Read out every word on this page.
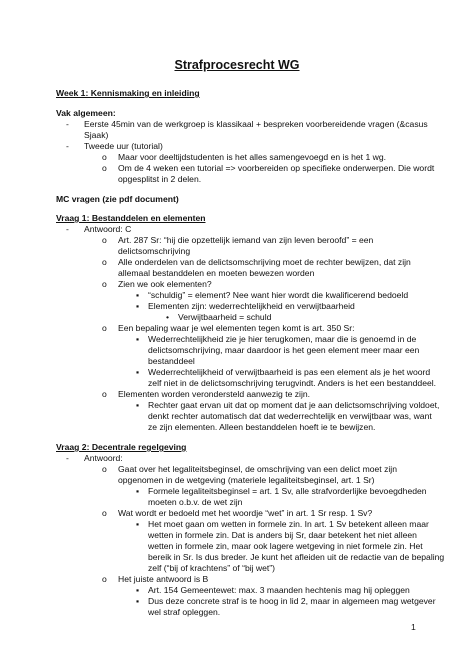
Strafprocesrecht WG
Week 1: Kennismaking en inleiding
Vak algemeen:
- Eerste 45min van de werkgroep is klassikaal + bespreken voorbereidende vragen (&casus
Sjaak)
- Tweede uur (tutorial)
o Maar voor deeltijdstudenten is het alles samengevoegd en is het 1 wg.
o Om de 4 weken een tutorial => voorbereiden op specifieke onderwerpen. Die wordt
opgesplitst in 2 delen.
MC vragen (zie pdf document)
Vraag 1: Bestanddelen en elementen
- Antwoord: C
o Art. 287 Sr: “hij die opzettelijk iemand van zijn leven beroofd” = een
delictsomschrijving
o Alle onderdelen van de delictsomschrijving moet de rechter bewijzen, dat zijn
allemaal bestanddelen en moeten bewezen worden
o Zien we ook elementen?
▪ “schuldig” = element? Nee want hier wordt die kwalificerend bedoeld
▪ Elementen zijn: wederrechtelijkheid en verwijtbaarheid
• Verwijtbaarheid = schuld
o Een bepaling waar je wel elementen tegen komt is art. 350 Sr:
▪ Wederrechtelijkheid zie je hier terugkomen, maar die is genoemd in de
delictsomschrijving, maar daardoor is het geen element meer maar een
bestanddeel
▪ Wederrechtelijkheid of verwijtbaarheid is pas een element als je het woord
zelf niet in de delictsomschrijving terugvindt. Anders is het een bestanddeel.
o Elementen worden verondersteld aanwezig te zijn.
▪ Rechter gaat ervan uit dat op moment dat je aan delictsomschrijving voldoet,
denkt rechter automatisch dat dat wederrechtelijk en verwijtbaar was, want
ze zijn elementen. Alleen bestanddelen hoeft ie te bewijzen.
Vraag 2: Decentrale regelgeving
- Antwoord:
o Gaat over het legaliteitsbeginsel, de omschrijving van een delict moet zijn
opgenomen in de wetgeving (materiele legaliteitsbeginsel, art. 1 Sr)
▪ Formele legaliteitsbeginsel = art. 1 Sv, alle strafvorderlijke bevoegdheden
moeten o.b.v. de wet zijn
o Wat wordt er bedoeld met het woordje “wet” in art. 1 Sr resp. 1 Sv?
▪ Het moet gaan om wetten in formele zin. In art. 1 Sv betekent alleen maar
wetten in formele zin. Dat is anders bij Sr, daar betekent het niet alleen
wetten in formele zin, maar ook lagere wetgeving in niet formele zin. Het
bereik in Sr. Is dus breder. Je kunt het afleiden uit de redactie van de bepaling
zelf (“bij of krachtens” of “bij wet”)
o Het juiste antwoord is B
▪ Art. 154 Gemeentewet: max. 3 maanden hechtenis mag hij opleggen
▪ Dus deze concrete straf is te hoog in lid 2, maar in algemeen mag wetgever
wel straf opleggen.
1
